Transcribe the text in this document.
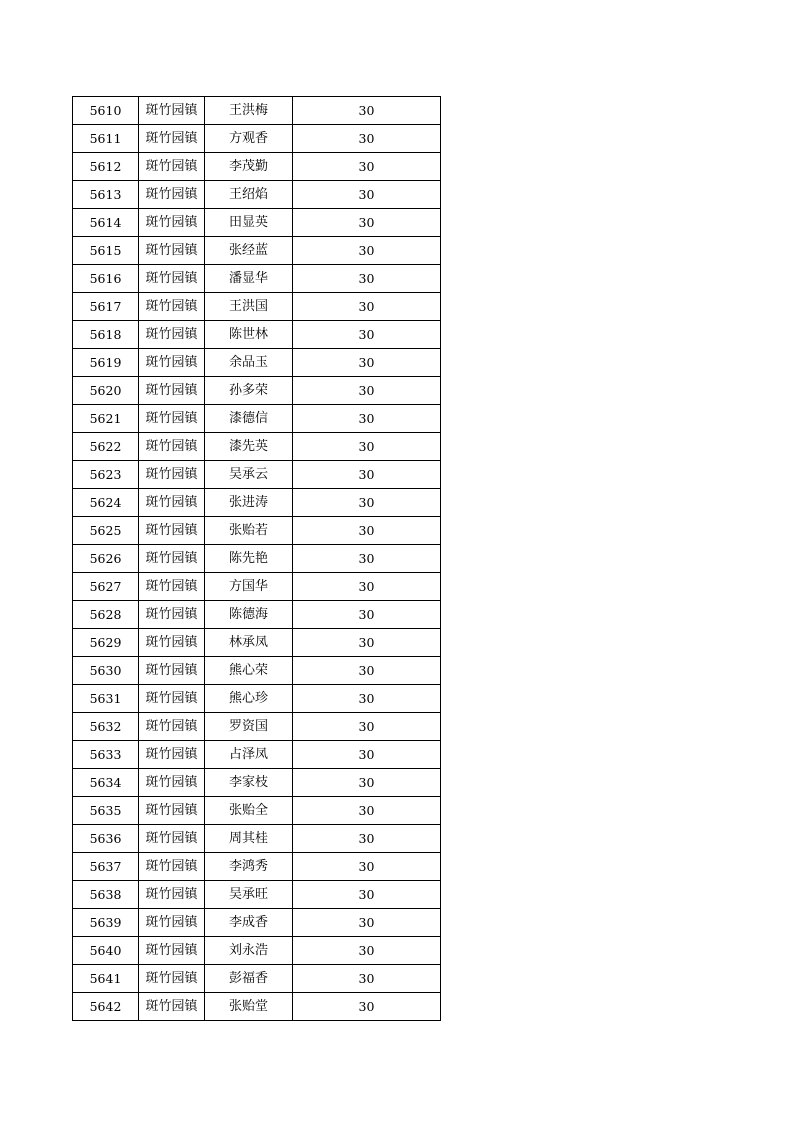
5610	斑竹园镇	王洪梅	30
5611	斑竹园镇	方观香	30
5612	斑竹园镇	李茂勤	30
5613	斑竹园镇	王绍焰	30
5614	斑竹园镇	田显英	30
5615	斑竹园镇	张经蓝	30
5616	斑竹园镇	潘显华	30
5617	斑竹园镇	王洪国	30
5618	斑竹园镇	陈世林	30
5619	斑竹园镇	余品玉	30
5620	斑竹园镇	孙多荣	30
5621	斑竹园镇	漆德信	30
5622	斑竹园镇	漆先英	30
5623	斑竹园镇	吴承云	30
5624	斑竹园镇	张进涛	30
5625	斑竹园镇	张贻若	30
5626	斑竹园镇	陈先艳	30
5627	斑竹园镇	方国华	30
5628	斑竹园镇	陈德海	30
5629	斑竹园镇	林承凤	30
5630	斑竹园镇	熊心荣	30
5631	斑竹园镇	熊心珍	30
5632	斑竹园镇	罗资国	30
5633	斑竹园镇	占泽凤	30
5634	斑竹园镇	李家枝	30
5635	斑竹园镇	张贻全	30
5636	斑竹园镇	周其桂	30
5637	斑竹园镇	李鸿秀	30
5638	斑竹园镇	吴承旺	30
5639	斑竹园镇	李成香	30
5640	斑竹园镇	刘永浩	30
5641	斑竹园镇	彭福香	30
5642	斑竹园镇	张贻堂	30
